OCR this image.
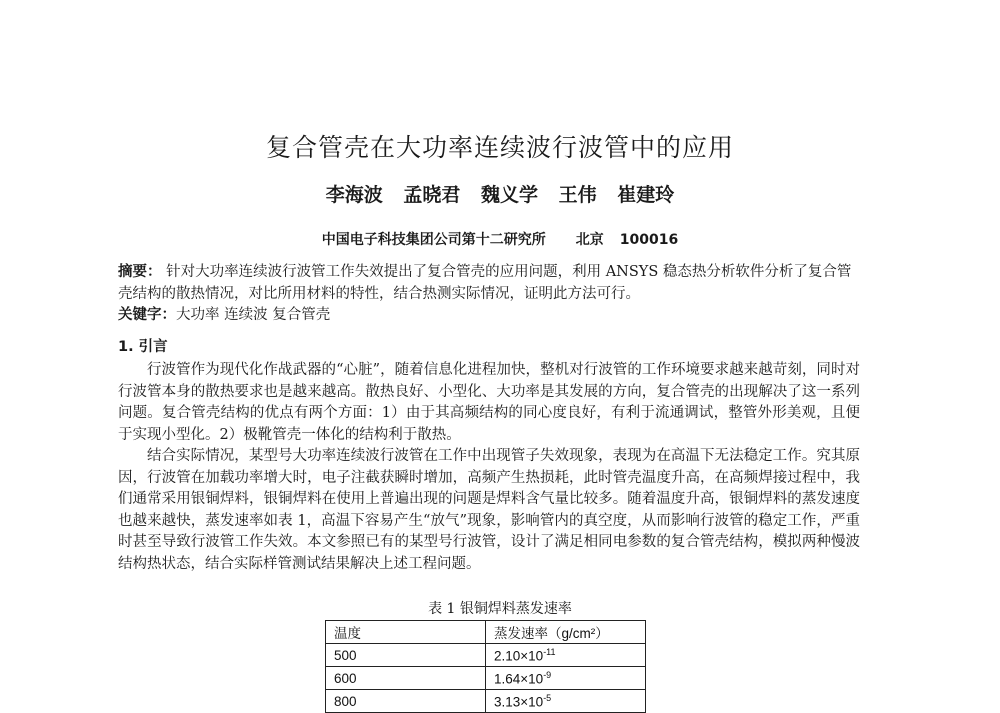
复合管壳在大功率连续波行波管中的应用
李海波 孟晓君 魏义学 王伟 崔建玲
中国电子科技集团公司第十二研究所 北京 100016
摘要： 针对大功率连续波行波管工作失效提出了复合管壳的应用问题，利用 ANSYS 稳态热分析软件分析了复合管壳结构的散热情况，对比所用材料的特性，结合热测实际情况，证明此方法可行。
关键字：大功率 连续波 复合管壳
1. 引言

行波管作为现代化作战武器的“心脏”，随着信息化进程加快，整机对行波管的工作环境要求越来越苛刻，同时对行波管本身的散热要求也是越来越高。散热良好、小型化、大功率是其发展的方向，复合管壳的出现解决了这一系列问题。复合管壳结构的优点有两个方面：1）由于其高频结构的同心度良好，有利于流通调试，整管外形美观，且便于实现小型化。2）极靴管壳一体化的结构利于散热。

结合实际情况，某型号大功率连续波行波管在工作中出现管子失效现象，表现为在高温下无法稳定工作。究其原因，行波管在加载功率增大时，电子注截获瞬时增加，高频产生热损耗，此时管壳温度升高，在高频焊接过程中，我们通常采用银铜焊料，银铜焊料在使用上普遍出现的问题是焊料含气量比较多。随着温度升高，银铜焊料的蒸发速度也越来越快，蒸发速率如表 1，高温下容易产生“放气”现象，影响管内的真空度，从而影响行波管的稳定工作，严重时甚至导致行波管工作失效。本文参照已有的某型号行波管，设计了满足相同电参数的复合管壳结构，模拟两种慢波结构热状态，结合实际样管测试结果解决上述工程问题。

表 1 银铜焊料蒸发速率
温度	蒸发速率（g/cm²）
500	$2.10\times 10^{-11}$
600	$1.64\times 10^{-9}$
800	$3.13\times 10^{-5}$
